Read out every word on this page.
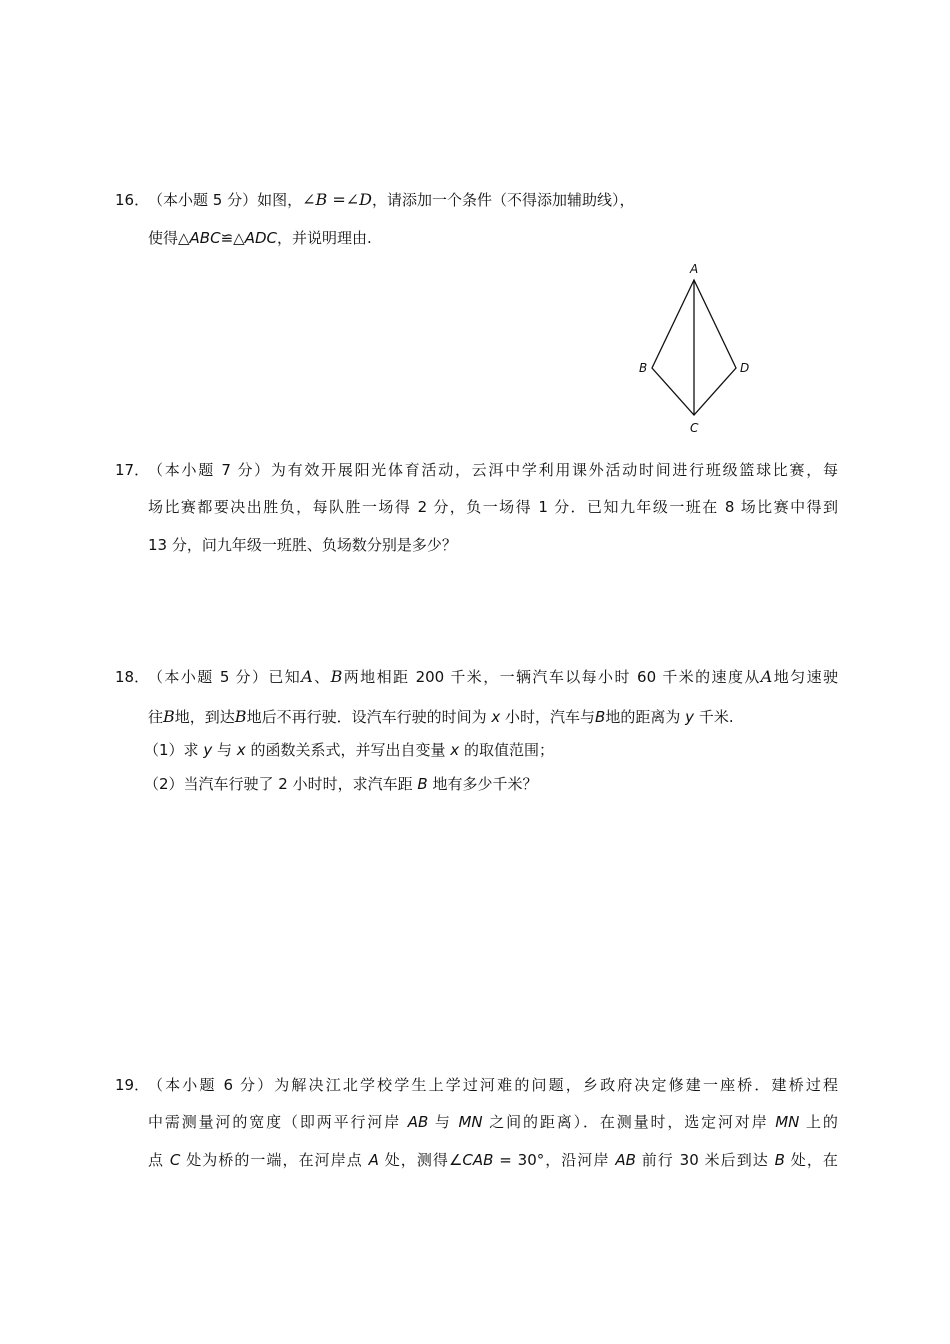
16．
（本小题 5 分）如图，∠B =∠D，请添加一个条件（不得添加辅助线），
使得△ABC≌△ADC，并说明理由.
A
B	D
C
17．
（本小题 7 分）为有效开展阳光体育活动，云洱中学利用课外活动时间进行班级篮球比赛，每
场比赛都要决出胜负，每队胜一场得 2 分，负一场得 1 分．已知九年级一班在 8 场比赛中得到
13 分，问九年级一班胜、负场数分别是多少？
18．
（本小题 5 分）已知A、B两地相距 200 千米，一辆汽车以每小时 60 千米的速度从A地匀速驶
往B地，到达B地后不再行驶．设汽车行驶的时间为 x 小时，汽车与B地的距离为 y 千米.
（1）求 y 与 x 的函数关系式，并写出自变量 x 的取值范围；
（2）当汽车行驶了 2 小时时，求汽车距 B 地有多少千米？
19．
（本小题 6 分）为解决江北学校学生上学过河难的问题，乡政府决定修建一座桥．建桥过程
中需测量河的宽度（即两平行河岸 AB 与 MN 之间的距离）．在测量时，选定河对岸 MN 上的
点 C 处为桥的一端，在河岸点 A 处，测得∠CAB = 30°，沿河岸 AB 前行 30 米后到达 B 处，在
